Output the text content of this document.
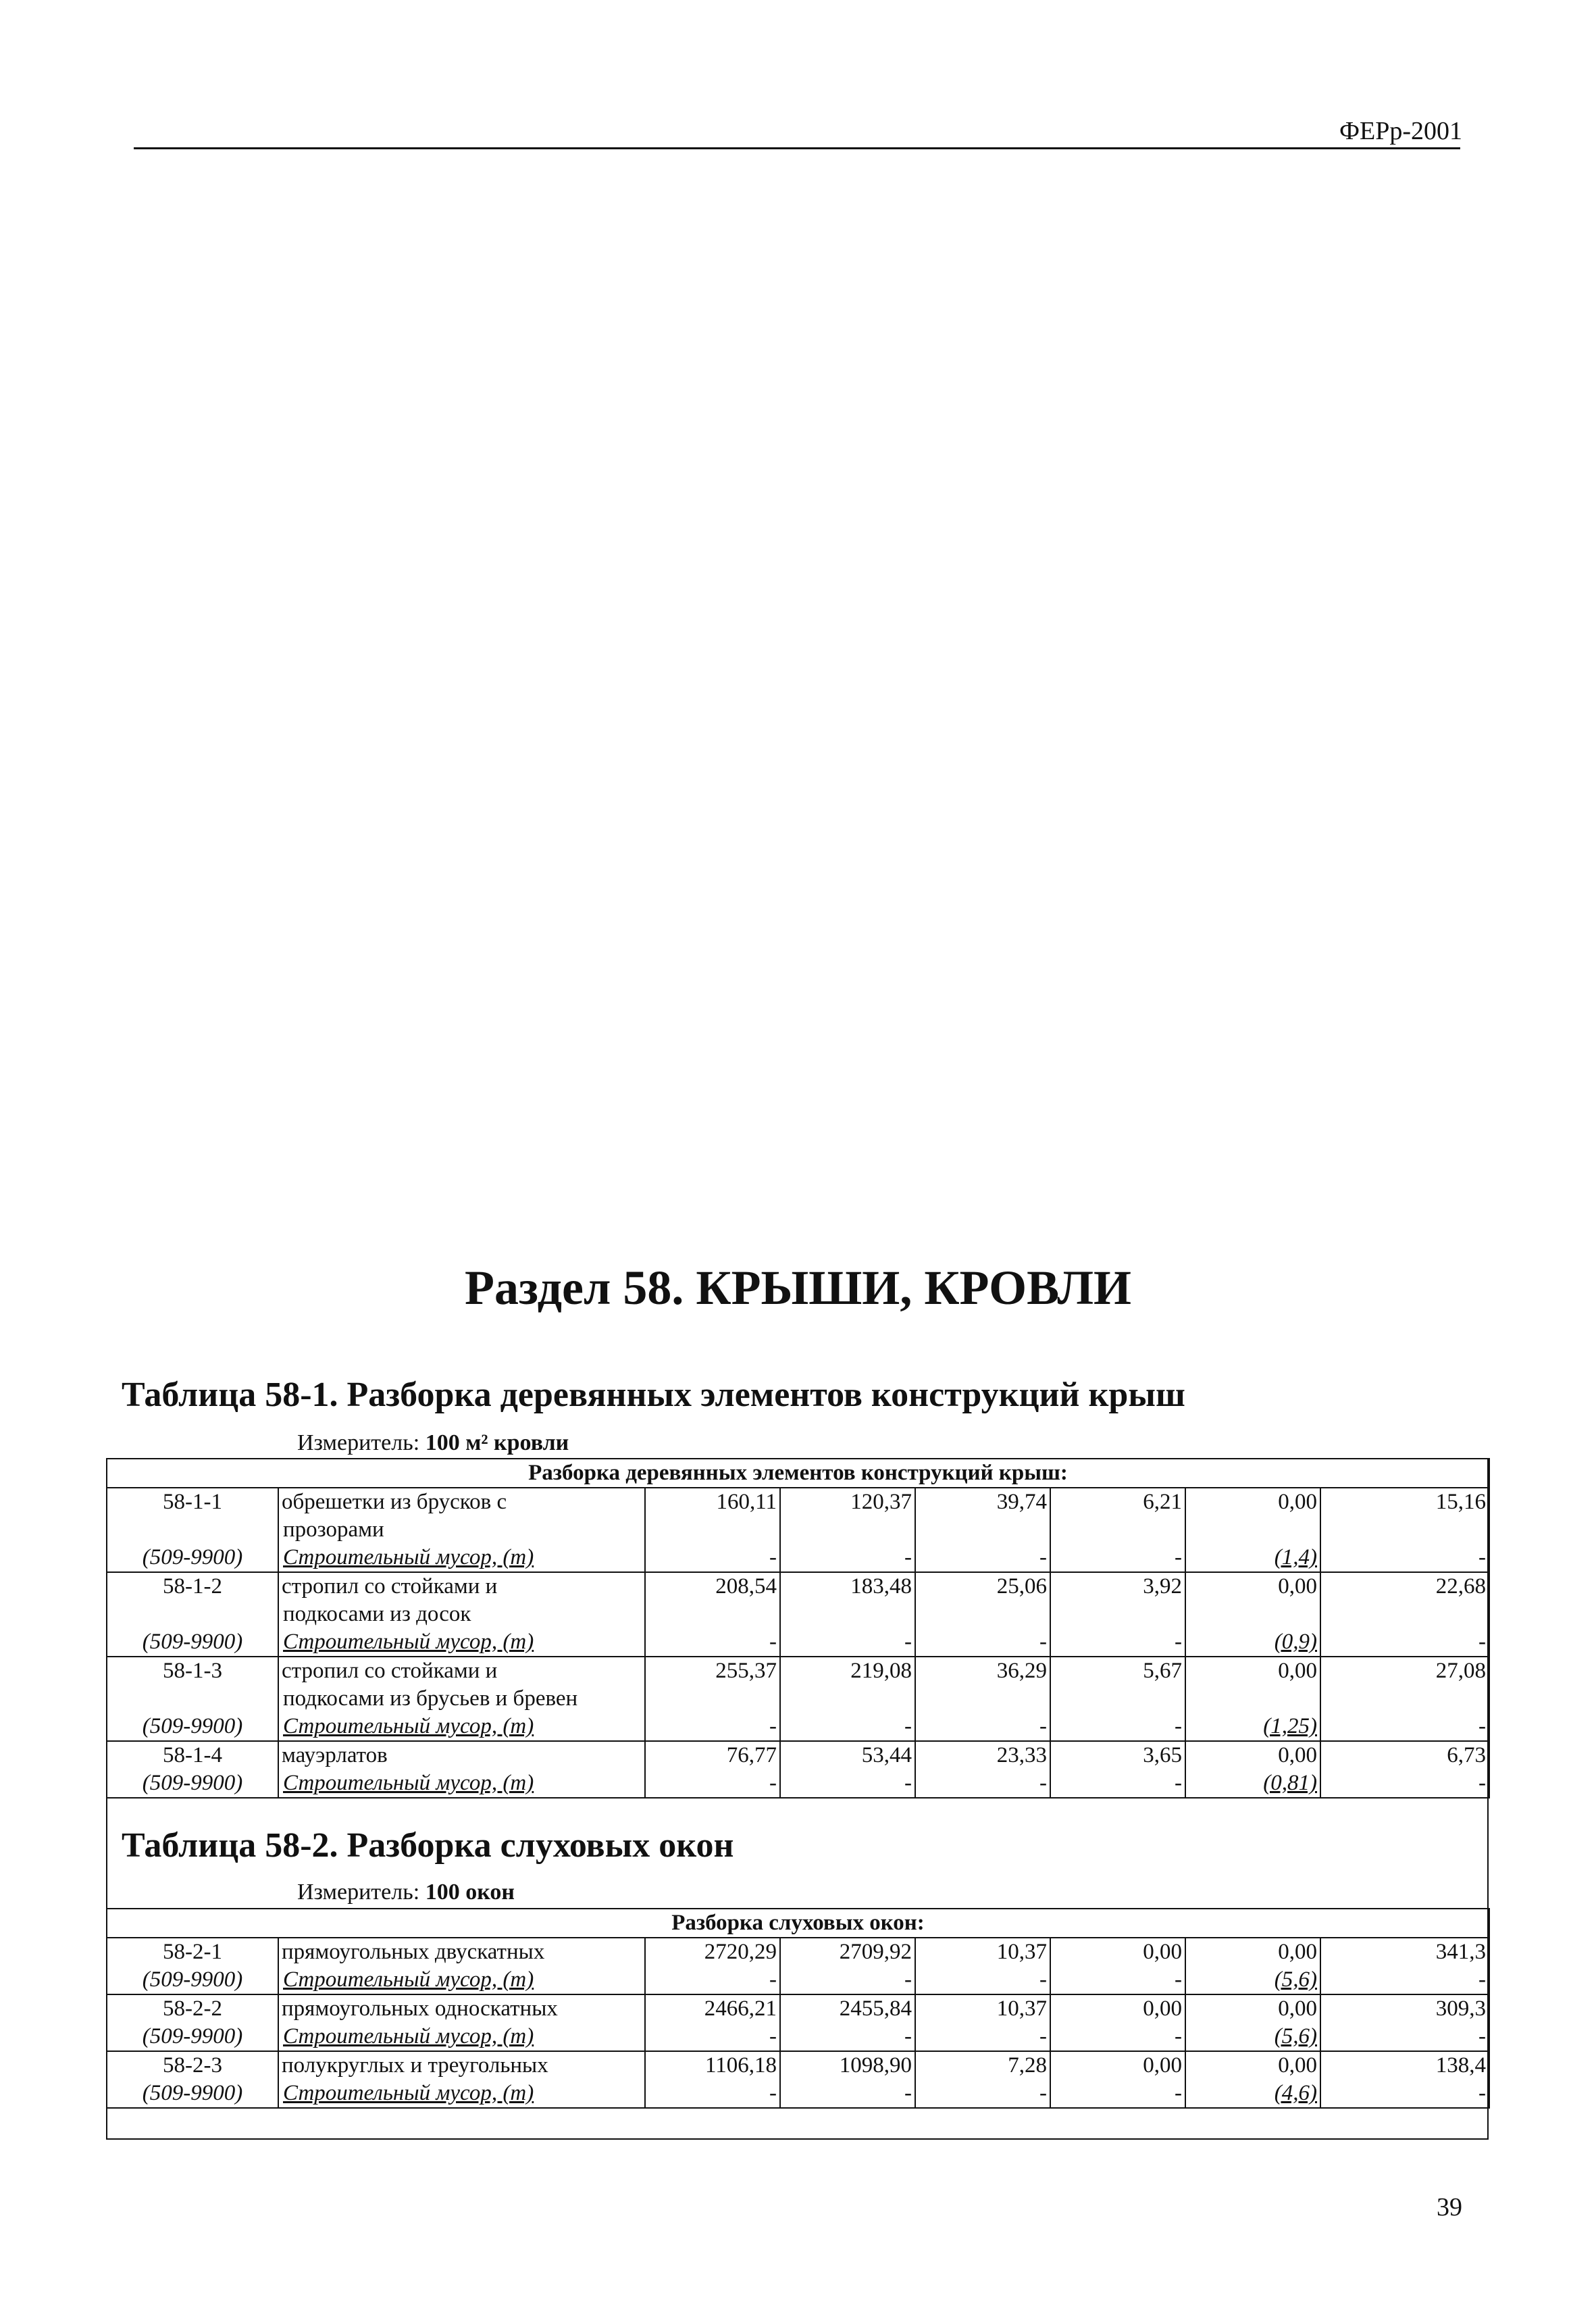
ФЕРр-2001
Раздел 58. КРЫШИ, КРОВЛИ
Таблица 58-1. Разборка деревянных элементов конструкций крыш
Измеритель: 100 м² кровли
Разборка деревянных элементов конструкций крыш:							
58-1-1	обрешетки из брусков с	160,11	120,37	39,74	6,21	0,00	15,16
	прозорами						
(509-9900)	Строительный мусор, (т)	-	-	-	-	(1,4)	-
58-1-2	стропил со стойками и	208,54	183,48	25,06	3,92	0,00	22,68
	подкосами из досок						
(509-9900)	Строительный мусор, (т)	-	-	-	-	(0,9)	-
58-1-3	стропил со стойками и	255,37	219,08	36,29	5,67	0,00	27,08
	подкосами из брусьев и бревен						
(509-9900)	Строительный мусор, (т)	-	-	-	-	(1,25)	-
58-1-4	мауэрлатов	76,77	53,44	23,33	3,65	0,00	6,73
(509-9900)	Строительный мусор, (т)	-	-	-	-	(0,81)	-
Таблица 58-2. Разборка слуховых окон
Измеритель: 100 окон
Разборка слуховых окон:							
58-2-1	прямоугольных двускатных	2720,29	2709,92	10,37	0,00	0,00	341,3
(509-9900)	Строительный мусор, (т)	-	-	-	-	(5,6)	-
58-2-2	прямоугольных односкатных	2466,21	2455,84	10,37	0,00	0,00	309,3
(509-9900)	Строительный мусор, (т)	-	-	-	-	(5,6)	-
58-2-3	полукруглых и треугольных	1106,18	1098,90	7,28	0,00	0,00	138,4
(509-9900)	Строительный мусор, (т)	-	-	-	-	(4,6)	-
39
